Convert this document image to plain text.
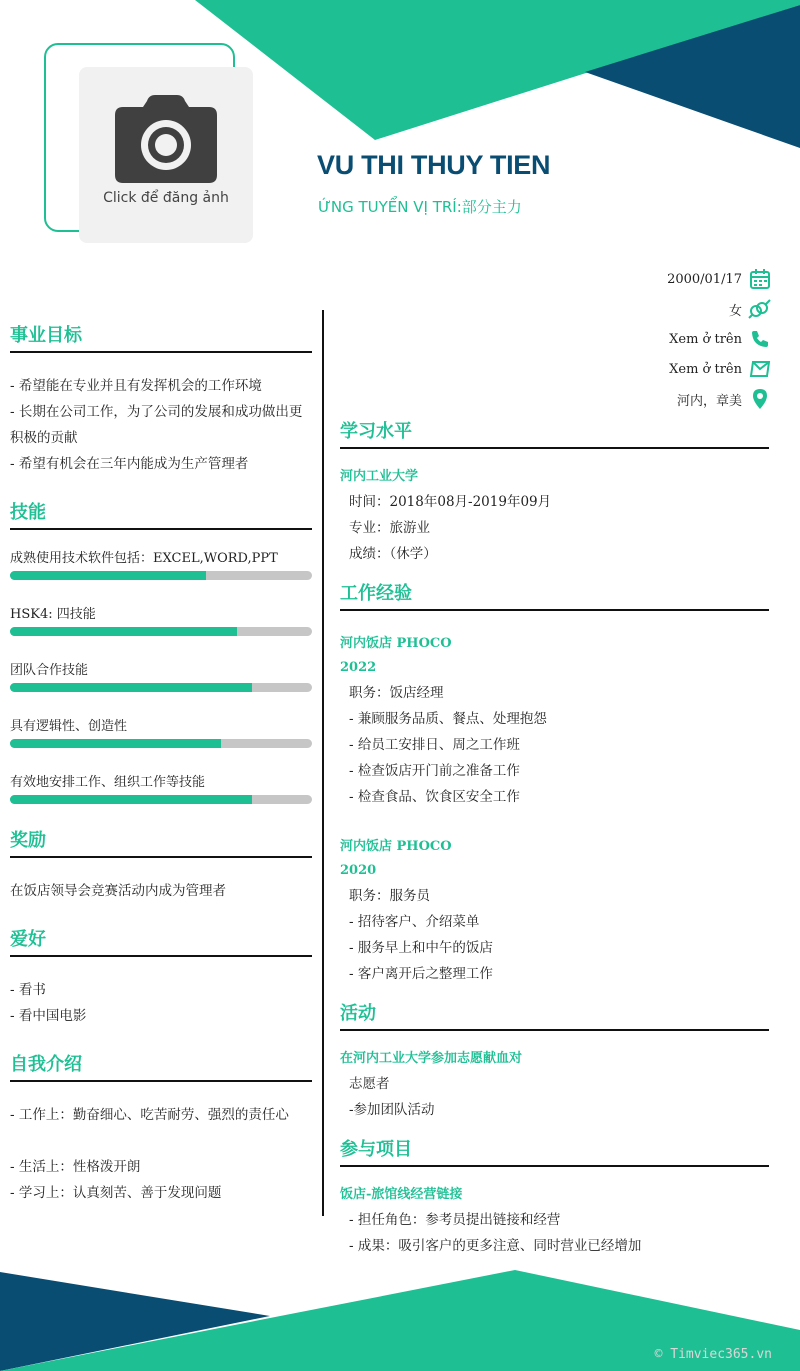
Click để đăng ảnh
VU THI THUY TIEN
ỨNG TUYỂN VỊ TRÍ:部分主力
2000/01/17
女
Xem ở trên
Xem ở trên
河内，章美
事业目标
- 希望能在专业并且有发挥机会的工作环境
- 长期在公司工作，为了公司的发展和成功做出更积极的贡献
- 希望有机会在三年内能成为生产管理者
技能
成熟使用技术软件包括：EXCEL,WORD,PPT
HSK4: 四技能
团队合作技能
具有逻辑性、创造性
有效地安排工作、组织工作等技能
奖励
在饭店领导会竞赛活动内成为管理者
爱好
- 看书
- 看中国电影
自我介绍
- 工作上：勤奋细心、吃苦耐劳、强烈的责任心
- 生活上：性格泼开朗
- 学习上：认真刻苦、善于发现问题
学习水平
河内工业大学
时间：2018年08月-2019年09月
专业：旅游业
成绩：（休学）
工作经验
河内饭店 PHOCO
2022
职务：饭店经理
- 兼顾服务品质、餐点、处理抱怨
- 给员工安排日、周之工作班
- 检查饭店开门前之准备工作
- 检查食品、饮食区安全工作
河内饭店 PHOCO
2020
职务：服务员
- 招待客户、介绍菜单
- 服务早上和中午的饭店
- 客户离开后之整理工作
活动
在河内工业大学参加志愿献血对
志愿者
-参加团队活动
参与项目
饭店-旅馆线经营链接
- 担任角色：参考员提出链接和经营
- 成果：吸引客户的更多注意、同时营业已经增加
© Timviec365.vn
